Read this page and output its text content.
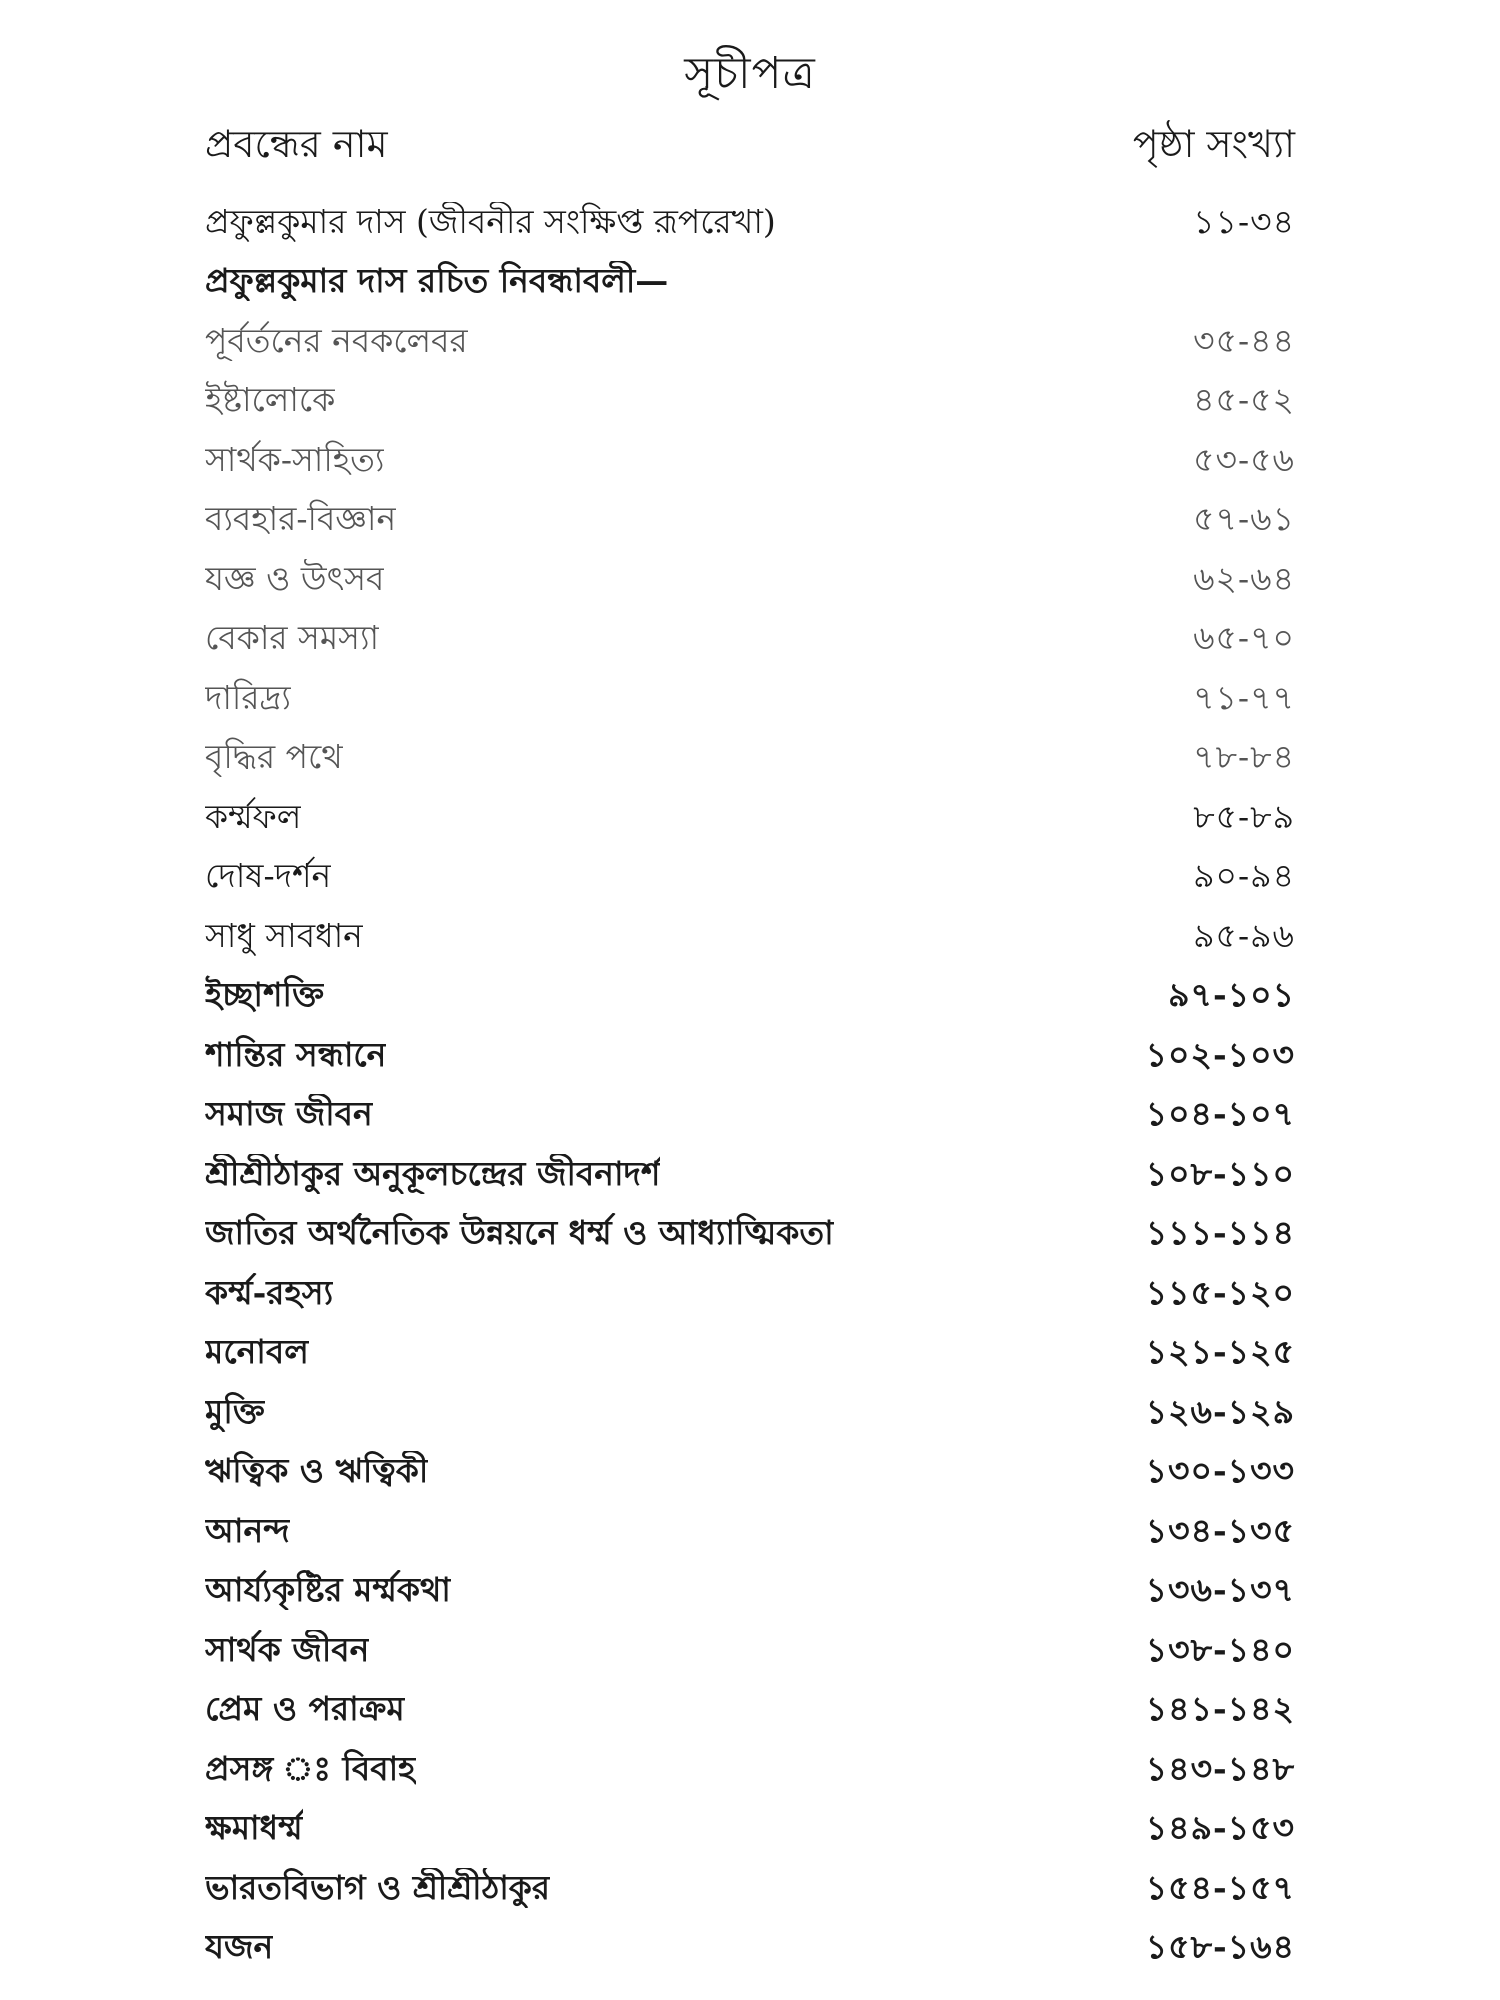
সূচীপত্র
প্রবন্ধের নাম	পৃষ্ঠা সংখ্যা
প্রফুল্লকুমার দাস (জীবনীর সংক্ষিপ্ত রূপরেখা)	১১-৩৪
প্রফুল্লকুমার দাস রচিত নিবন্ধাবলী—
পূর্বর্তনের নবকলেবর	৩৫-৪৪
ইষ্টালোকে	৪৫-৫২
সার্থক-সাহিত্য	৫৩-৫৬
ব্যবহার-বিজ্ঞান	৫৭-৬১
যজ্ঞ ও উৎসব	৬২-৬৪
বেকার সমস্যা	৬৫-৭০
দারিদ্র্য	৭১-৭৭
বৃদ্ধির পথে	৭৮-৮৪
কর্ম্মফল	৮৫-৮৯
দোষ-দর্শন	৯০-৯৪
সাধু সাবধান	৯৫-৯৬
ইচ্ছাশক্তি	৯৭-১০১
শান্তির সন্ধানে	১০২-১০৩
সমাজ জীবন	১০৪-১০৭
শ্রীশ্রীঠাকুর অনুকূলচন্দ্রের জীবনাদর্শ	১০৮-১১০
জাতির অর্থনৈতিক উন্নয়নে ধর্ম্ম ও আধ্যাত্মিকতা	১১১-১১৪
কর্ম্ম-রহস্য	১১৫-১২০
মনোবল	১২১-১২৫
মুক্তি	১২৬-১২৯
ঋত্বিক ও ঋত্বিকী	১৩০-১৩৩
আনন্দ	১৩৪-১৩৫
আর্য্যকৃষ্টির মর্ম্মকথা	১৩৬-১৩৭
সার্থক জীবন	১৩৮-১৪০
প্রেম ও পরাক্রম	১৪১-১৪২
প্রসঙ্গ ঃ বিবাহ	১৪৩-১৪৮
ক্ষমাধর্ম্ম	১৪৯-১৫৩
ভারতবিভাগ ও শ্রীশ্রীঠাকুর	১৫৪-১৫৭
যজন	১৫৮-১৬৪
